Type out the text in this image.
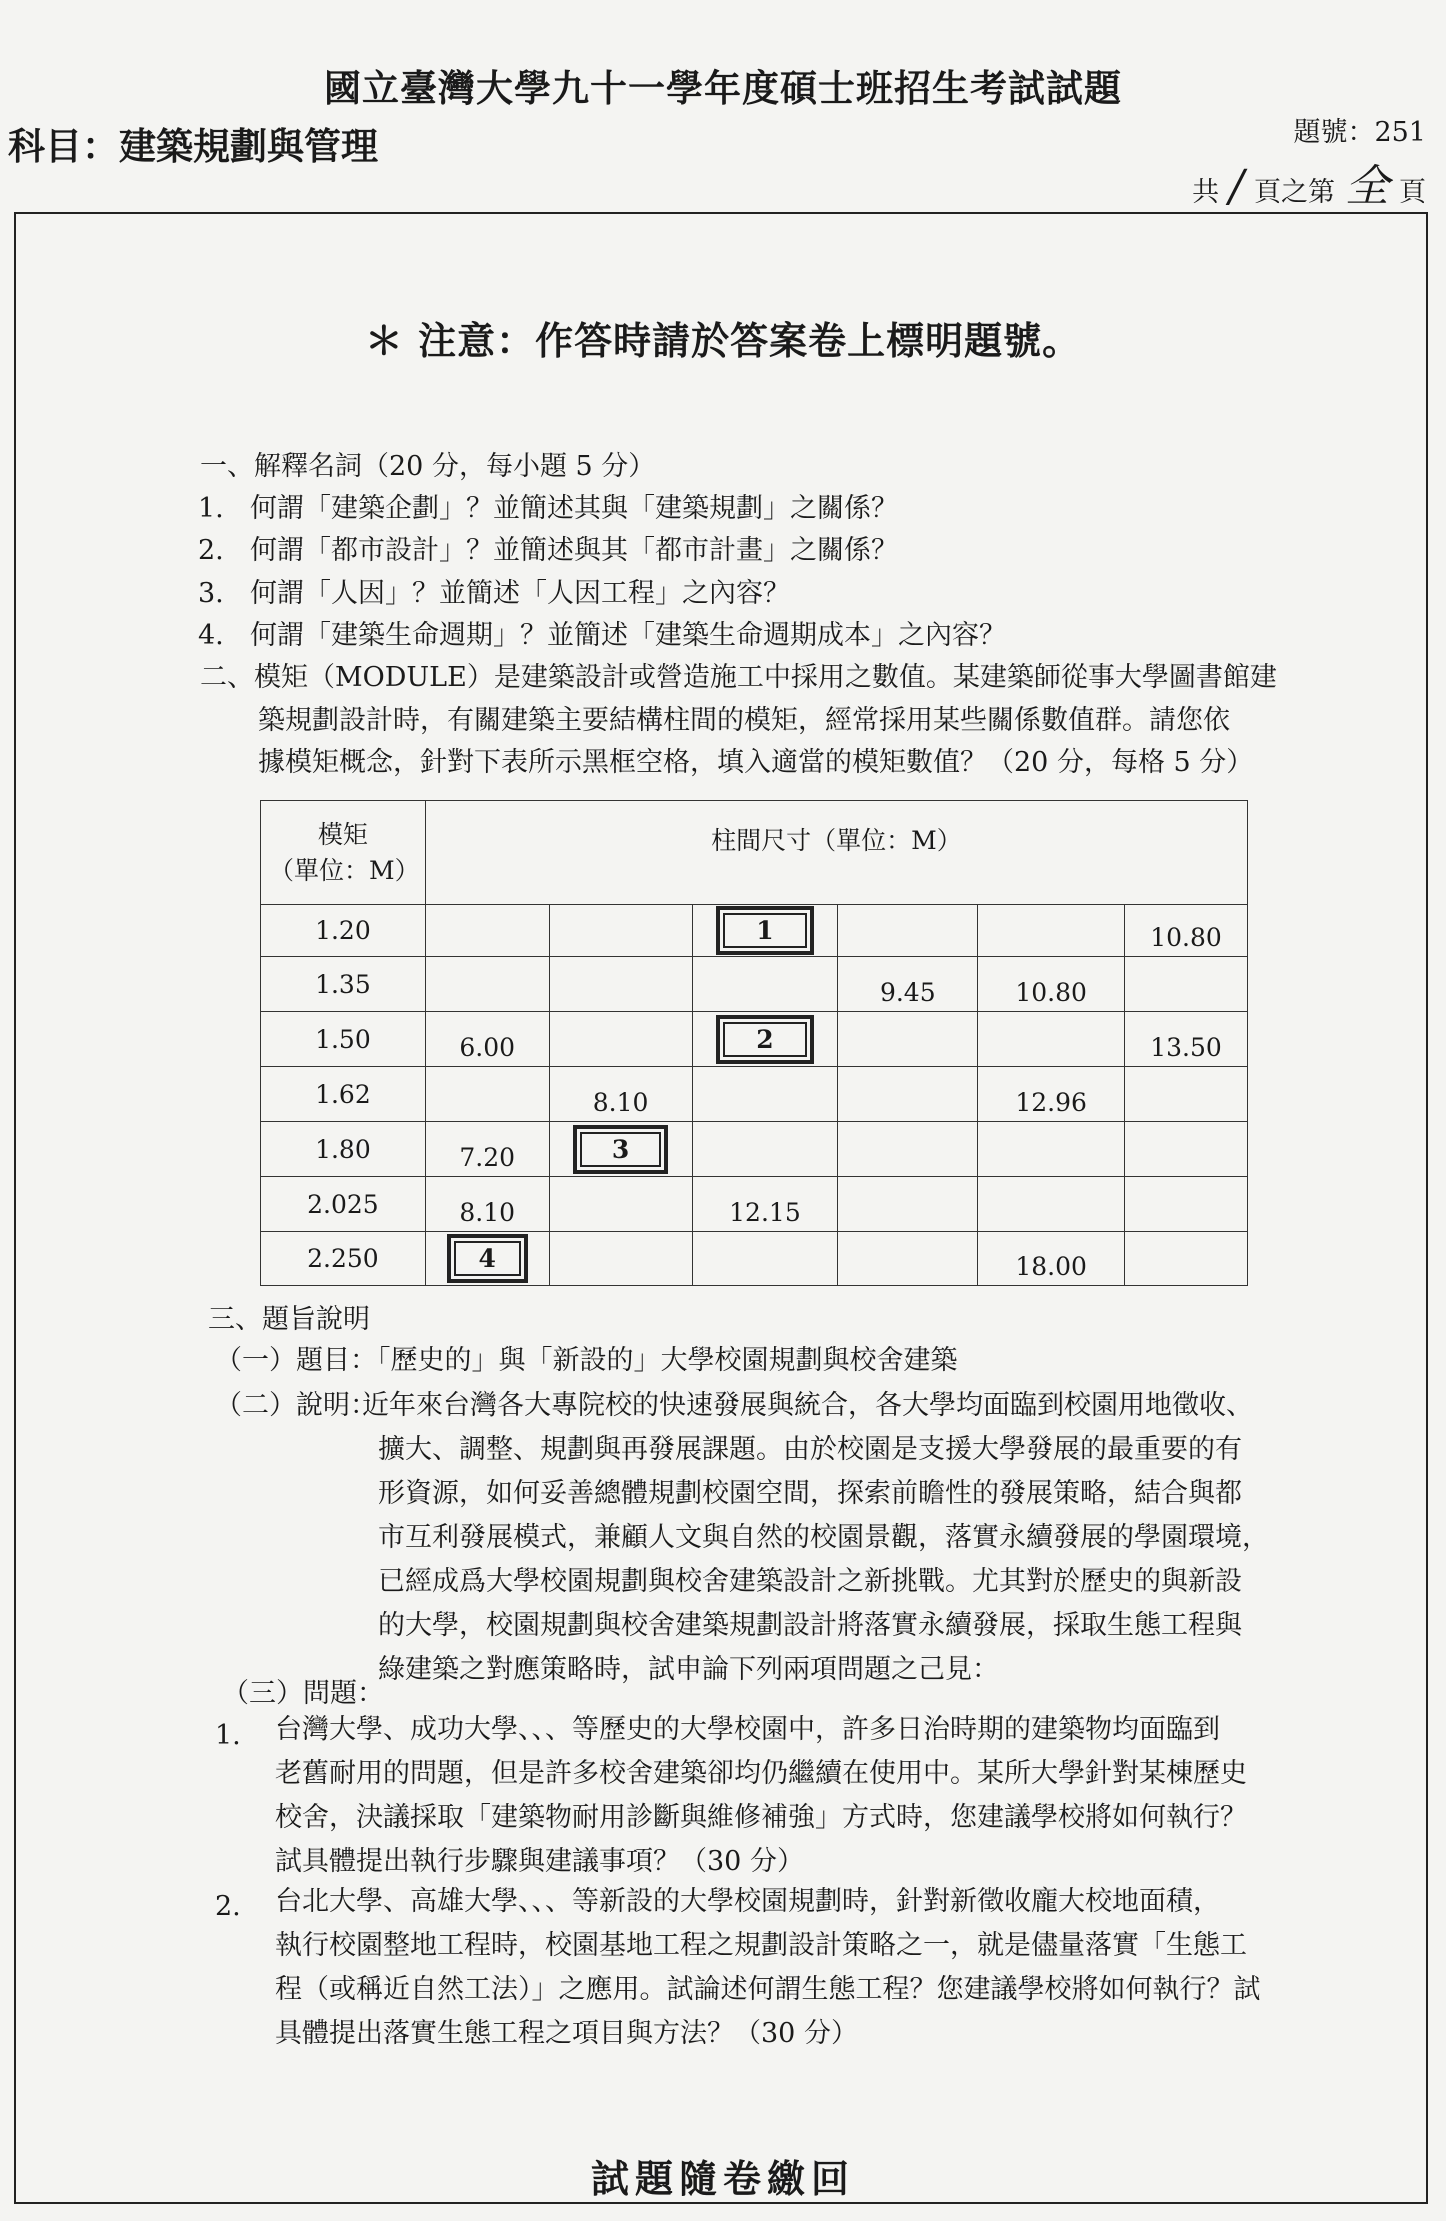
國立臺灣大學九十一學年度碩士班招生考試試題
科目：建築規劃與管理	題號：251
共 / 頁之第 全 頁
＊ 注意：作答時請於答案卷上標明題號。
一、解釋名詞（20 分，每小題 5 分）
1. 何謂「建築企劃」？並簡述其與「建築規劃」之關係？
2. 何謂「都市設計」？並簡述與其「都市計畫」之關係？
3. 何謂「人因」？並簡述「人因工程」之內容？
4. 何謂「建築生命週期」？並簡述「建築生命週期成本」之內容？
二、模矩（MODULE）是建築設計或營造施工中採用之數值。某建築師從事大學圖書館建
築規劃設計時，有關建築主要結構柱間的模矩，經常採用某些關係數值群。請您依
據模矩概念，針對下表所示黑框空格，填入適當的模矩數值？（20 分，每格 5 分）
模矩
（單位：M）	柱間尺寸（單位：M）					
1.20			1			10.80
1.35				9.45	10.80	
1.50	6.00		2			13.50
1.62		8.10			12.96	
1.80	7.20	3				
2.025	8.10		12.15			
2.250	4				18.00	
三、題旨說明
（一）題目：「歷史的」與「新設的」大學校園規劃與校舍建築
（二）說明：
近年來台灣各大專院校的快速發展與統合，各大學均面臨到校園用地徵收、
擴大、調整、規劃與再發展課題。由於校園是支援大學發展的最重要的有
形資源，如何妥善總體規劃校園空間，探索前瞻性的發展策略，結合與都
市互利發展模式，兼顧人文與自然的校園景觀，落實永續發展的學園環境，
已經成爲大學校園規劃與校舍建築設計之新挑戰。尤其對於歷史的與新設
的大學，校園規劃與校舍建築規劃設計將落實永續發展，採取生態工程與
綠建築之對應策略時，試申論下列兩項問題之己見：
（三）問題：
1. 台灣大學、成功大學、、、等歷史的大學校園中，許多日治時期的建築物均面臨到
老舊耐用的問題，但是許多校舍建築卻均仍繼續在使用中。某所大學針對某棟歷史
校舍，決議採取「建築物耐用診斷與維修補強」方式時，您建議學校將如何執行？
試具體提出執行步驟與建議事項？（30 分）
2. 台北大學、高雄大學、、、等新設的大學校園規劃時，針對新徵收龐大校地面積，
執行校園整地工程時，校園基地工程之規劃設計策略之一，就是儘量落實「生態工
程（或稱近自然工法）」之應用。試論述何謂生態工程？您建議學校將如何執行？試
具體提出落實生態工程之項目與方法？（30 分）
試題隨卷繳回
